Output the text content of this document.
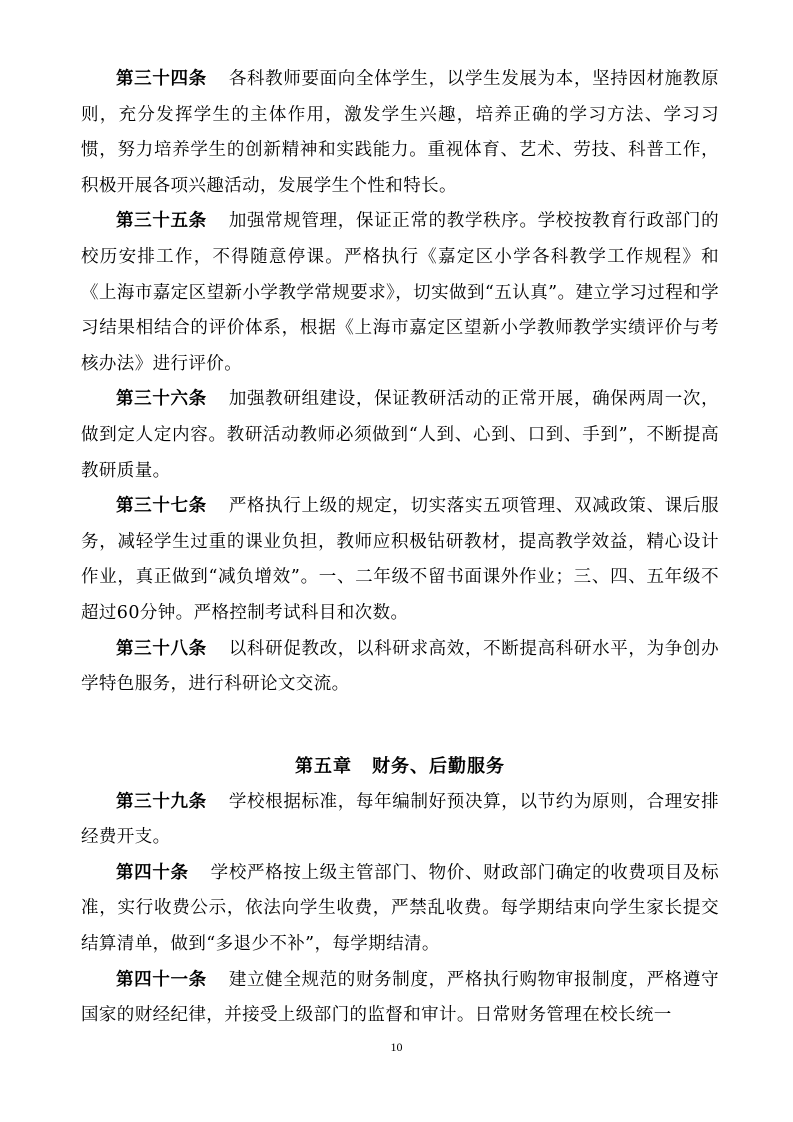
第三十四条 各科教师要面向全体学生，以学生发展为本，坚持因材施教原则，充分发挥学生的主体作用，激发学生兴趣，培养正确的学习方法、学习习惯，努力培养学生的创新精神和实践能力。重视体育、艺术、劳技、科普工作，积极开展各项兴趣活动，发展学生个性和特长。

第三十五条 加强常规管理，保证正常的教学秩序。学校按教育行政部门的校历安排工作，不得随意停课。严格执行《嘉定区小学各科教学工作规程》和《上海市嘉定区望新小学教学常规要求》，切实做到“五认真”。建立学习过程和学习结果相结合的评价体系，根据《上海市嘉定区望新小学教师教学实绩评价与考核办法》进行评价。

第三十六条 加强教研组建设，保证教研活动的正常开展，确保两周一次，做到定人定内容。教研活动教师必须做到“人到、心到、口到、手到”，不断提高教研质量。

第三十七条 严格执行上级的规定，切实落实五项管理、双减政策、课后服务，减轻学生过重的课业负担，教师应积极钻研教材，提高教学效益，精心设计作业，真正做到“减负增效”。一、二年级不留书面课外作业；三、四、五年级不超过60分钟。严格控制考试科目和次数。

第三十八条 以科研促教改，以科研求高效，不断提高科研水平，为争创办学特色服务，进行科研论文交流。

第五章 财务、后勤服务

第三十九条 学校根据标准，每年编制好预决算，以节约为原则，合理安排经费开支。

第四十条 学校严格按上级主管部门、物价、财政部门确定的收费项目及标准，实行收费公示，依法向学生收费，严禁乱收费。每学期结束向学生家长提交结算清单，做到“多退少不补”，每学期结清。

第四十一条 建立健全规范的财务制度，严格执行购物审报制度，严格遵守国家的财经纪律，并接受上级部门的监督和审计。日常财务管理在校长统一

10
